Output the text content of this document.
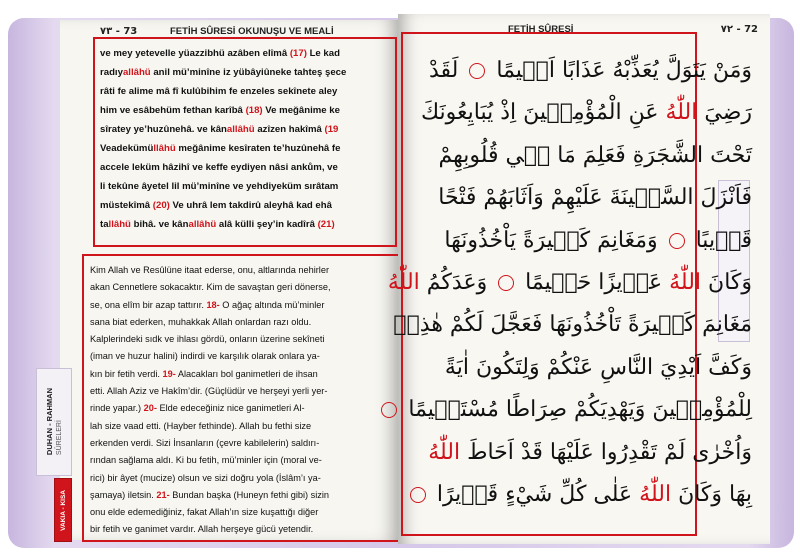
٧٣ - 73	FETİH SÛRESİ OKUNUŞU VE MEALİ
ve mey yetevelle yüazzibhü azâben elîmâ (17) Le kad
radıyallâhü anil mü’minîne iz yübâyiûneke tahteş şece
râti fe alime mâ fî kulûbihim fe enzeles sekînete aley
him ve esâbehüm fethan karîbâ (18) Ve meğânime ke
sîratey ye’huzûnehâ. ve kânallâhü azîzen hakîmâ (19
Veadekümüllâhü meğânime kesîraten te’huzûnehâ fe
accele leküm hâzihî ve keffe eydiyen nâsi ankům, ve
li tekûne âyetel lil mü’minîne ve yehdiyeküm sırâtam
müstekîmâ (20) Ve uhrâ lem takdirû aleyhâ kad ehâ
tallâhü bihâ. ve kânallâhü alâ külli şey’in kadîrâ (21)
Kim Allah ve Resûlüne itaat ederse, onu, altlarında nehirler
akan Cennetlere sokacaktır. Kim de savaştan geri dönerse,
se, ona elîm bir azap tattırır. 18- O ağaç altında mü’minler
sana biat ederken, muhakkak Allah onlardan razı oldu.
Kalplerindeki sıdk ve ihlası gördü, onların üzerine sekîneti
(iman ve huzur halini) indirdi ve karşılık olarak onlara ya-
kın bir fetih verdi. 19- Alacakları bol ganimetleri de ihsan
etti. Allah Aziz ve Hakîm’dir. (Güçlüdür ve herşeyi yerli yer-
rinde yapar.) 20- Elde edeceğiniz nice ganimetleri Al-
lah size vaad etti. (Hayber fethinde). Allah bu fethi size
erkenden verdi. Sizi İnsanların (çevre kabilelerin) saldırı-
rından sağlama aldı. Ki bu fetih, mü’minler için (moral ve-
rici) bir âyet (mucize) olsun ve sizi doğru yola (İslâm’ı ya-
şamaya) iletsin. 21- Bundan başka (Huneyn fethi gibi) sizin
onu elde edemediğiniz, fakat Allah’ın size kuşattığı diğer
bir fetih ve ganimet vardır. Allah herşeye gücü yetendir.
DUHAN - RAHMAN SÛRELERİ
VAKIA - KISA
FETİH SÛRESİ	٧٢ - 72
وَمَنْ يَتَوَلَّ يُعَذِّبْهُ عَذَابًا اَل۪يمًا  لَقَدْ
رَضِيَ اللّٰهُ عَنِ الْمُؤْمِن۪ينَ اِذْ يُبَايِعُونَكَ
تَحْتَ الشَّجَرَةِ فَعَلِمَ مَا ف۪ي قُلُوبِهِمْ
فَاَنْزَلَ السَّك۪ينَةَ عَلَيْهِمْ وَاَثَابَهُمْ فَتْحًا
قَر۪يبًا  وَمَغَانِمَ كَث۪يرَةً يَاْخُذُونَهَا
وَكَانَ اللّٰهُ عَز۪يزًا حَك۪يمًا  وَعَدَكُمُ اللّٰهُ
مَغَانِمَ كَث۪يرَةً تَاْخُذُونَهَا فَعَجَّلَ لَكُمْ هٰذِه۪
وَكَفَّ اَيْدِيَ النَّاسِ عَنْكُمْ وَلِتَكُونَ اٰيَةً
لِلْمُؤْمِن۪ينَ وَيَهْدِيَكُمْ صِرَاطًا مُسْتَق۪يمًا
وَاُخْرٰى لَمْ تَقْدِرُوا عَلَيْهَا قَدْ اَحَاطَ اللّٰهُ
بِهَا وَكَانَ اللّٰهُ عَلٰى كُلِّ شَيْءٍ قَد۪يرًا
